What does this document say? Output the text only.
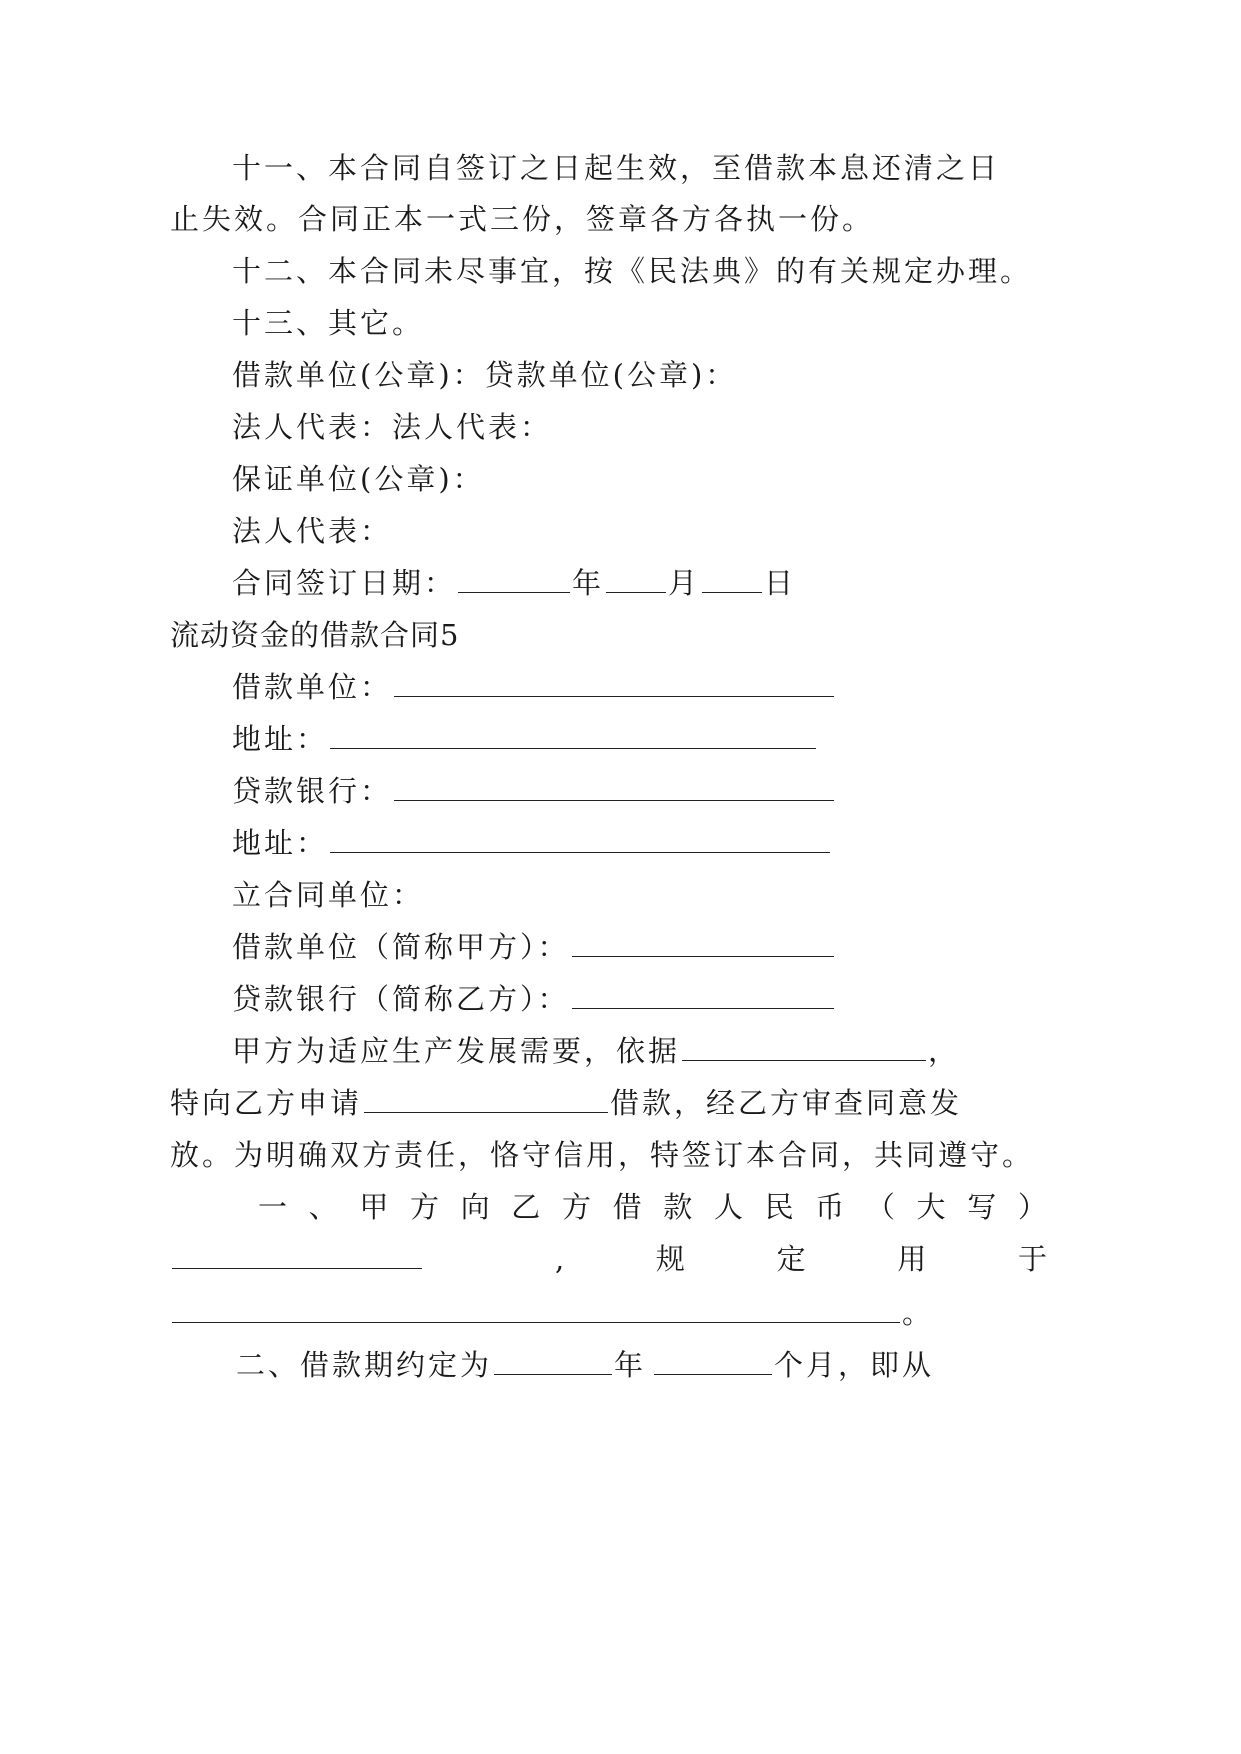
十一、本合同自签订之日起生效，至借款本息还清之日
止失效。合同正本一式三份，签章各方各执一份。
十二、本合同未尽事宜，按《民法典》的有关规定办理。
十三、其它。
借款单位(公章)：贷款单位(公章)：
法人代表：法人代表：
保证单位(公章)：
法人代表：
合同签订日期：	年 月 日
流动资金的借款合同5
借款单位：
地址：
贷款银行：
地址：
立合同单位：
借款单位（简称甲方）：
贷款银行（简称乙方）：
甲方为适应生产发展需要，依据	，
特向乙方申请	借款，经乙方审查同意发
放。为明确双方责任，恪守信用，特签订本合同，共同遵守。
一 、 甲 方 向 乙 方 借 款 人 民 币 （ 大 写 ）
,	规	定	用	于
。
二、借款期约定为	年	个月，即从
